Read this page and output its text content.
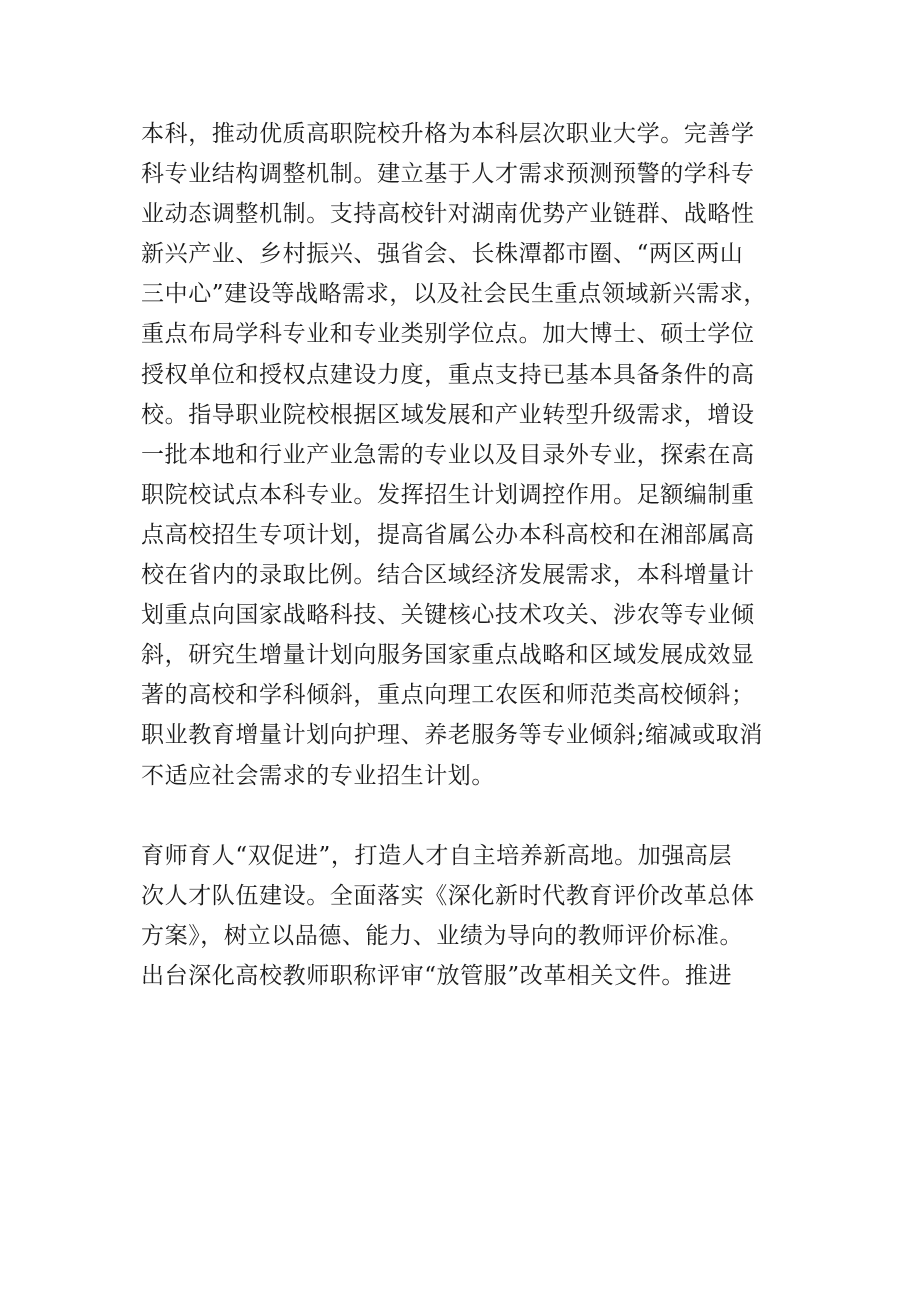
本科，推动优质高职院校升格为本科层次职业大学。完善学
科专业结构调整机制。建立基于人才需求预测预警的学科专
业动态调整机制。支持高校针对湖南优势产业链群、战略性
新兴产业、乡村振兴、强省会、长株潭都市圈、“两区两山
三中心”建设等战略需求，以及社会民生重点领域新兴需求，
重点布局学科专业和专业类别学位点。加大博士、硕士学位
授权单位和授权点建设力度，重点支持已基本具备条件的高
校。指导职业院校根据区域发展和产业转型升级需求，增设
一批本地和行业产业急需的专业以及目录外专业，探索在高
职院校试点本科专业。发挥招生计划调控作用。足额编制重
点高校招生专项计划，提高省属公办本科高校和在湘部属高
校在省内的录取比例。结合区域经济发展需求，本科增量计
划重点向国家战略科技、关键核心技术攻关、涉农等专业倾
斜，研究生增量计划向服务国家重点战略和区域发展成效显
著的高校和学科倾斜，重点向理工农医和师范类高校倾斜；
职业教育增量计划向护理、养老服务等专业倾斜;缩减或取消
不适应社会需求的专业招生计划。
育师育人“双促进”，打造人才自主培养新高地。加强高层
次人才队伍建设。全面落实《深化新时代教育评价改革总体
方案》，树立以品德、能力、业绩为导向的教师评价标准。
出台深化高校教师职称评审“放管服”改革相关文件。推进
